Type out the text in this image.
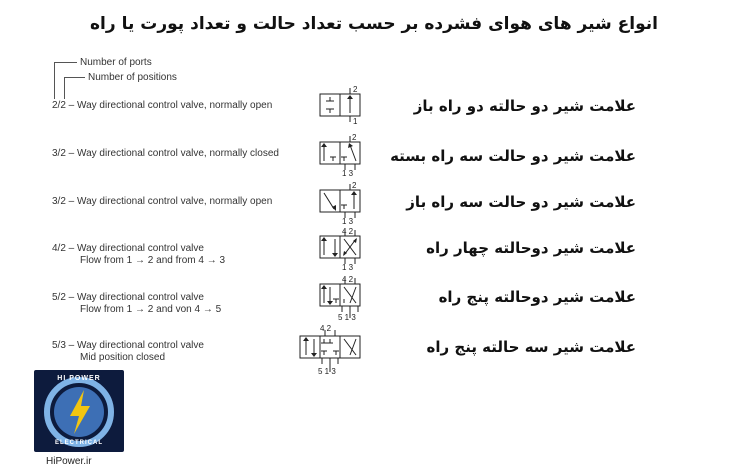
انواع شیر های هوای فشرده بر حسب تعداد حالت و تعداد پورت یا راه
Number of ports
Number of positions
2/2 – Way directional control valve, normally open
3/2 – Way directional control valve, normally closed
3/2 – Way directional control valve, normally open
4/2 – Way directional control valve
Flow from 1 → 2 and from 4 → 3
5/2 – Way directional control valve
Flow from 1 → 2 and von 4 → 5
5/3 – Way directional control valve
Mid position closed
علامت شیر دو حالته دو راه باز
علامت شیر دو حالت سه راه بسته
علامت شیر دو حالت سه راه باز
علامت شیر دوحالته چهار راه
علامت شیر دوحالته پنج راه
علامت شیر سه حالته پنج راه
2
1
2
1 3
2
1 3
4 2
1 3
4 2
5 1 3
4 2
5 1 3
HI POWER
ELECTRICAL
HiPower.ir
